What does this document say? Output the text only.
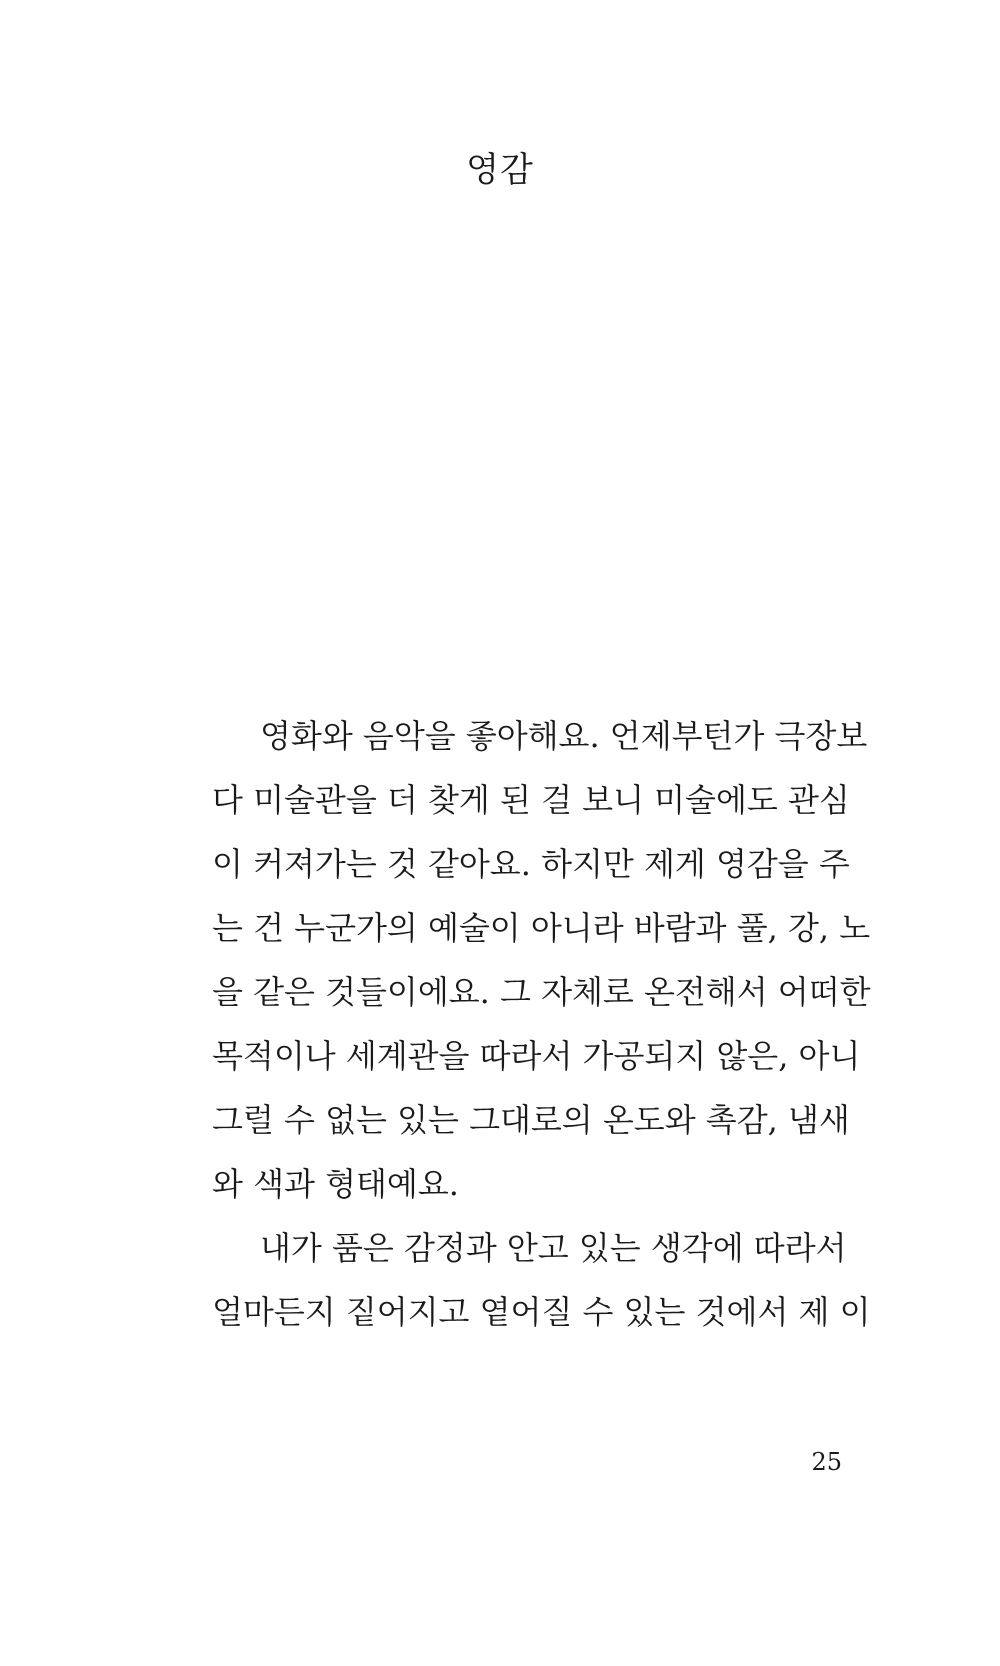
영감
영화와 음악을 좋아해요. 언제부턴가 극장보
다 미술관을 더 찾게 된 걸 보니 미술에도 관심
이 커져가는 것 같아요. 하지만 제게 영감을 주
는 건 누군가의 예술이 아니라 바람과 풀, 강, 노
을 같은 것들이에요. 그 자체로 온전해서 어떠한
목적이나 세계관을 따라서 가공되지 않은, 아니
그럴 수 없는 있는 그대로의 온도와 촉감, 냄새
와 색과 형태예요.
내가 품은 감정과 안고 있는 생각에 따라서
얼마든지 짙어지고 옅어질 수 있는 것에서 제 이

25
